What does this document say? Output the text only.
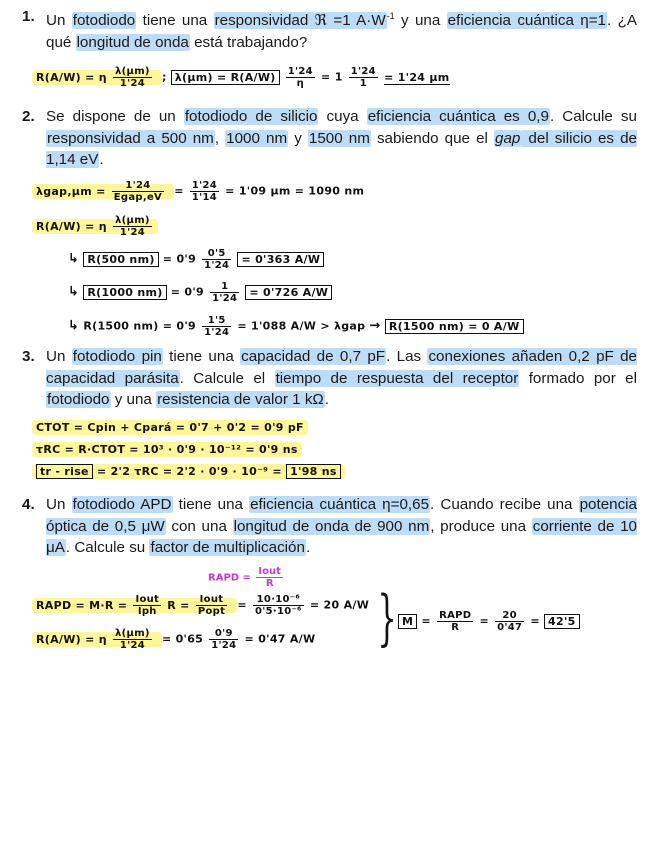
1. Un fotodiodo tiene una responsividad ℜ =1 $A\cdot W^{-1}$ y una eficiencia cuántica η=1. ¿A qué longitud de onda está trabajando?
2. Se dispone de un fotodiodo de silicio cuya eficiencia cuántica es 0,9. Calcule su responsividad a 500 nm, 1000 nm y 1500 nm sabiendo que el gap del silicio es de 1,14 eV.
3. Un fotodiodo pin tiene una capacidad de 0,7 pF. Las conexiones añaden 0,2 pF de capacidad parásita. Calcule el tiempo de respuesta del receptor formado por el fotodiodo y una resistencia de valor 1 kΩ.
4. Un fotodiodo APD tiene una eficiencia cuántica η=0,65. Cuando recibe una potencia óptica de 0,5 μW con una longitud de onda de 900 nm, produce una corriente de 10 μA. Calcule su factor de multiplicación.
R(A/W) = η $\frac{\lambda(\mu m)}{1'24}$ ; $\lambda(\mu m) = R(A/W) \frac{1'24}{\eta} = 1 \frac{1'24}{1} = 1'24$ μm
$\lambda gap,\mu m = \frac{1'24}{\text{Egap,eV}} = \frac{1'24}{1'14} = 1'09$ μm = 1090 nm
R(A/W) = η $\frac{\lambda(\mu m)}{1'24}$
↳ R(500 $nm) = 0'9 \frac{0'5}{1'24} = 0'363$ A/W
↳ R(1000 $nm) = 0'9 \frac{1}{1'24} = 0'726$ A/W
↳ R(1500 $nm) = 0'9 \frac{1'5}{1'24} = 1'088$ A/W > λgap → R(1500 nm) = 0 A/W
CTOT = Cpin + Cpará = 0'7 + 0'2 = 0'9 pF
τRC = R·CTOT = 10³ · 0'9 · 10⁻¹² = 0'9 ns
tr - rise = 2'2 τRC = 2'2 · 0'9 · 10⁻⁹ = 1'98 ns
RAPD = $\frac{\text{Iout}}{R}$
RAPD = $M\cdot R = \frac{\text{Iout}}{\text{Iph}}$ $R = \frac{\text{Iout}}{\text{Popt}} = \frac{\text{10·10⁻⁶}}{\text{0'5·10⁻⁶}} = 20$ A/W
R(A/W) = η $\frac{\lambda(\mu m)}{1'24} = 0'65 \frac{0'9}{1'24} = 0'47$ A/W } $M = \frac{\text{RAPD}}{R} = \frac{20}{0'47} = 42'5$
